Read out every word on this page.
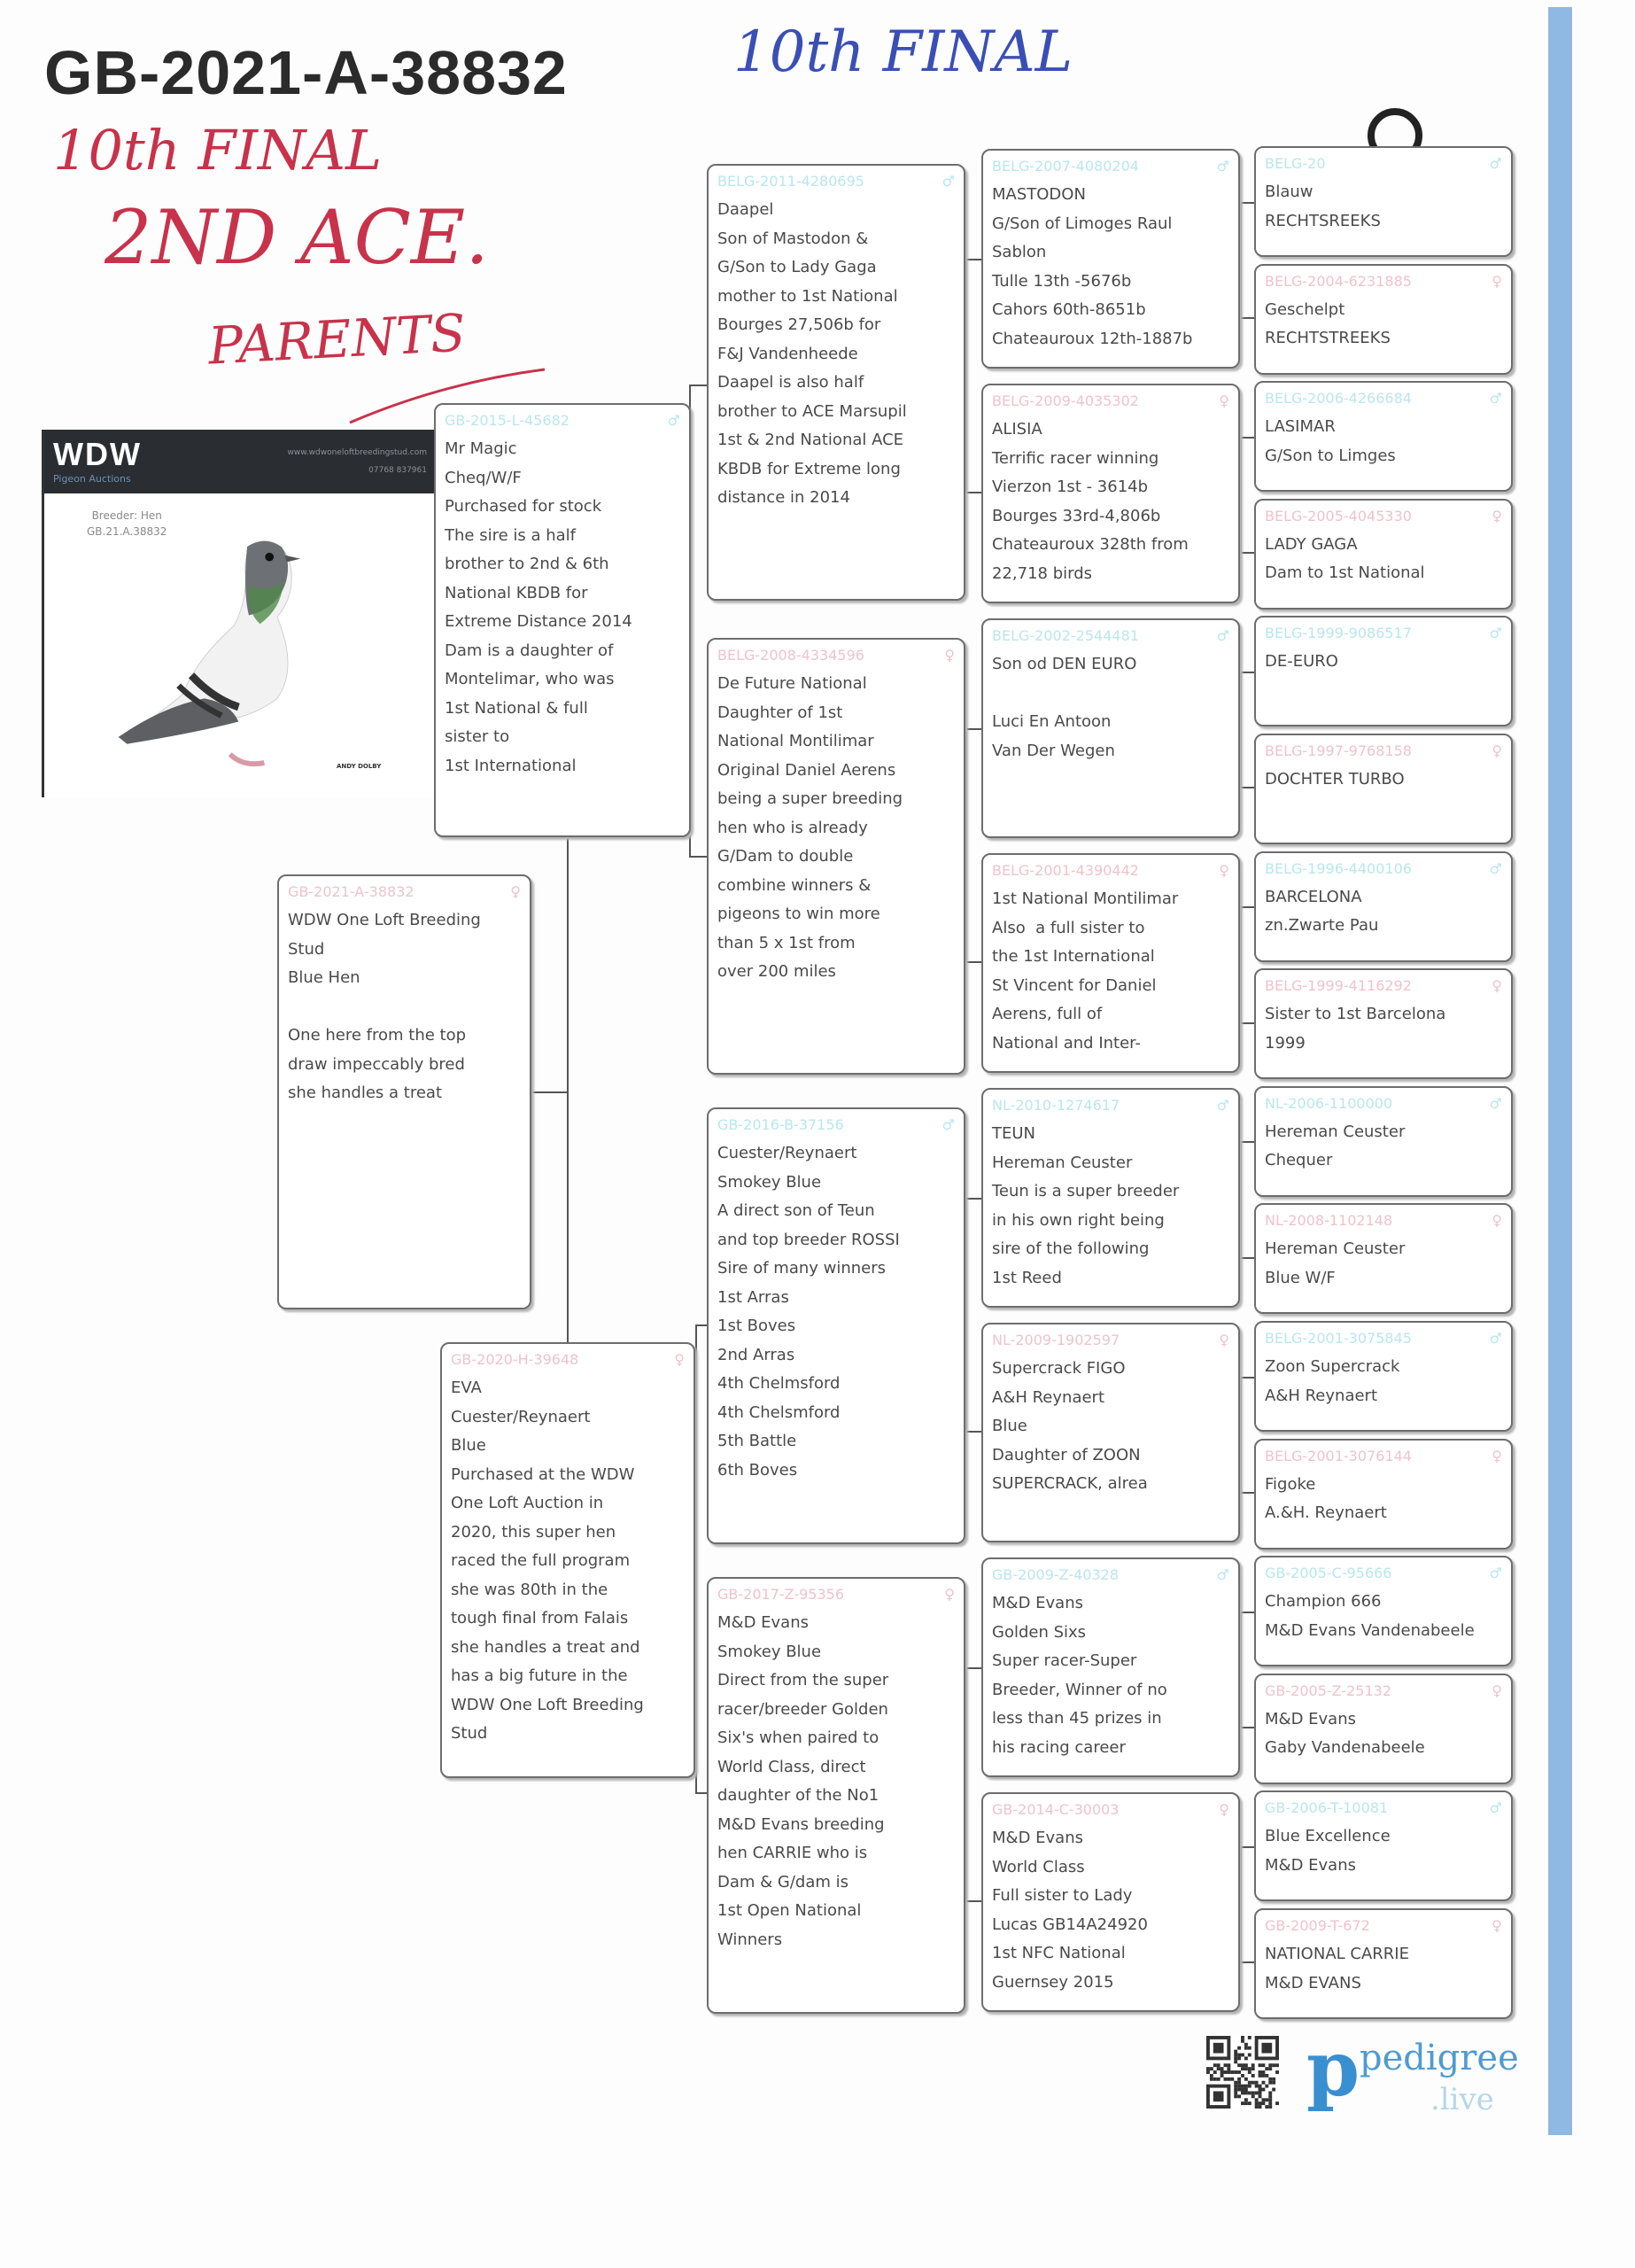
GB-2021-A-38832	10th FINAL
10th FINAL
2ND ACE.
PARENTS
WDW
Pigeon Auctions
www.wdwoneloftbreedingstud.com
07768 837961
Breeder: Hen
GB.21.A.38832
ANDY DOLBY
GB-2021-A-38832	♀
WDW One Loft Breeding
Stud
Blue Hen
One here from the top
draw impeccably bred
she handles a treat
GB-2015-L-45682	♂
Mr Magic
Cheq/W/F
Purchased for stock
The sire is a half
brother to 2nd & 6th
National KBDB for
Extreme Distance 2014
Dam is a daughter of
Montelimar, who was
1st National & full
sister to
1st International
GB-2020-H-39648	♀
EVA
Cuester/Reynaert
Blue
Purchased at the WDW
One Loft Auction in
2020, this super hen
raced the full program
she was 80th in the
tough final from Falais
she handles a treat and
has a big future in the
WDW One Loft Breeding
Stud
BELG-2011-4280695	♂
Daapel
Son of Mastodon &
G/Son to Lady Gaga
mother to 1st National
Bourges 27,506b for
F&J Vandenheede
Daapel is also half
brother to ACE Marsupil
1st & 2nd National ACE
KBDB for Extreme long
distance in 2014
BELG-2008-4334596	♀
De Future National
Daughter of 1st
National Montilimar
Original Daniel Aerens
being a super breeding
hen who is already
G/Dam to double
combine winners &
pigeons to win more
than 5 x 1st from
over 200 miles
GB-2016-B-37156	♂
Cuester/Reynaert
Smokey Blue
A direct son of Teun
and top breeder ROSSI
Sire of many winners
1st Arras
1st Boves
2nd Arras
4th Chelmsford
4th Chelsmford
5th Battle
6th Boves
GB-2017-Z-95356	♀
M&D Evans
Smokey Blue
Direct from the super
racer/breeder Golden
Six's when paired to
World Class, direct
daughter of the No1
M&D Evans breeding
hen CARRIE who is
Dam & G/dam is
1st Open National
Winners
BELG-2007-4080204	♂
MASTODON
G/Son of Limoges Raul
Sablon
Tulle 13th -5676b
Cahors 60th-8651b
Chateauroux 12th-1887b
BELG-2009-4035302	♀
ALISIA
Terrific racer winning
Vierzon 1st - 3614b
Bourges 33rd-4,806b
Chateauroux 328th from
22,718 birds
BELG-2002-2544481	♂
Son od DEN EURO
Luci En Antoon
Van Der Wegen
BELG-2001-4390442	♀
1st National Montilimar
Also  a full sister to
the 1st International
St Vincent for Daniel
Aerens, full of
National and Inter-
NL-2010-1274617	♂
TEUN
Hereman Ceuster
Teun is a super breeder
in his own right being
sire of the following
1st Reed
NL-2009-1902597	♀
Supercrack FIGO
A&H Reynaert
Blue
Daughter of ZOON
SUPERCRACK, alrea
GB-2009-Z-40328	♂
M&D Evans
Golden Sixs
Super racer-Super
Breeder, Winner of no
less than 45 prizes in
his racing career
GB-2014-C-30003	♀
M&D Evans
World Class
Full sister to Lady
Lucas GB14A24920
1st NFC National
Guernsey 2015
BELG-20	♂
Blauw
RECHTSREEKS
BELG-2004-6231885	♀
Geschelpt
RECHTSTREEKS
BELG-2006-4266684	♂
LASIMAR
G/Son to Limges
BELG-2005-4045330	♀
LADY GAGA
Dam to 1st National
BELG-1999-9086517	♂
DE-EURO
BELG-1997-9768158	♀
DOCHTER TURBO
BELG-1996-4400106	♂
BARCELONA
zn.Zwarte Pau
BELG-1999-4116292	♀
Sister to 1st Barcelona
1999
NL-2006-1100000	♂
Hereman Ceuster
Chequer
NL-2008-1102148	♀
Hereman Ceuster
Blue W/F
BELG-2001-3075845	♂
Zoon Supercrack
A&H Reynaert
BELG-2001-3076144	♀
Figoke
A.&H. Reynaert
GB-2005-C-95666	♂
Champion 666
M&D Evans Vandenabeele
GB-2005-Z-25132	♀
M&D Evans
Gaby Vandenabeele
GB-2006-T-10081	♂
Blue Excellence
M&D Evans
GB-2009-T-672	♀
NATIONAL CARRIE
M&D EVANS
p pedigree
.live
